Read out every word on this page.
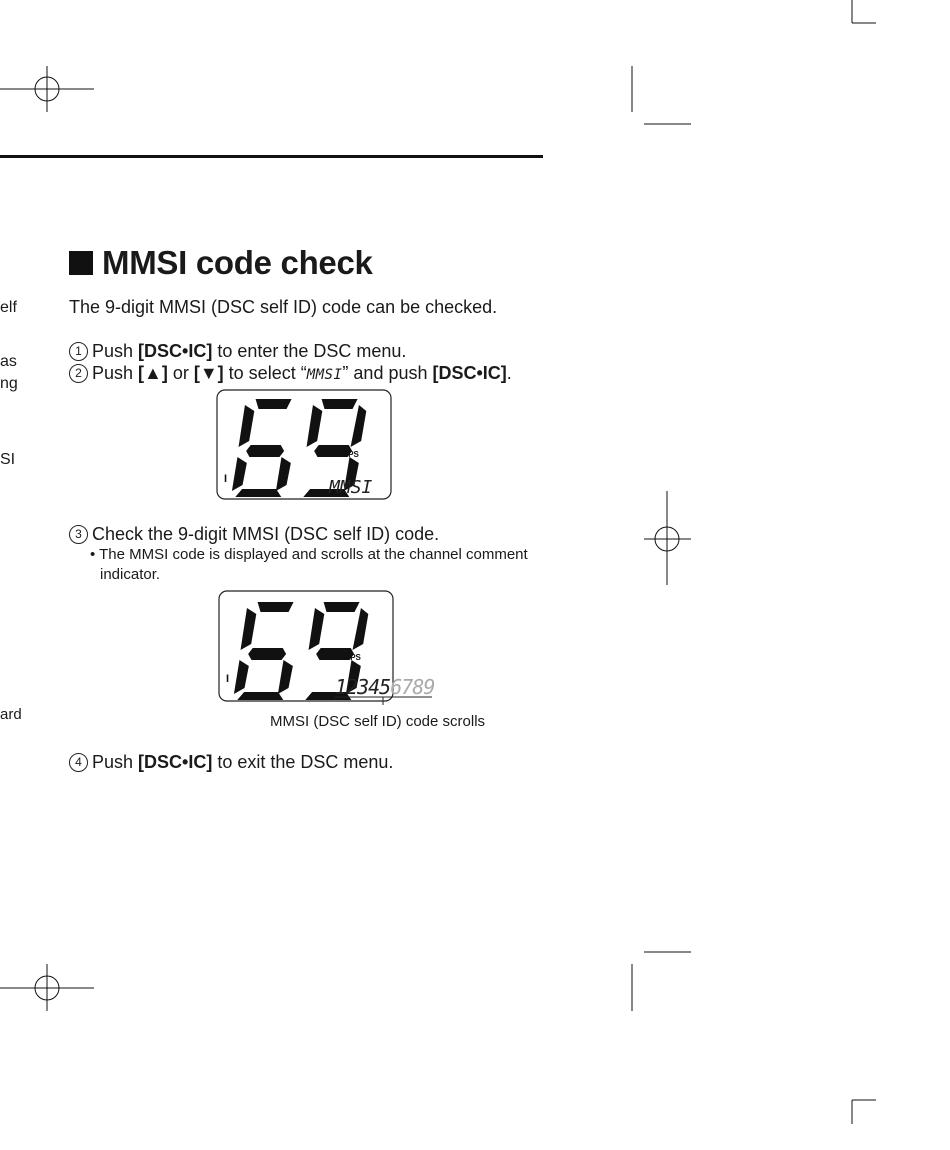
elf
as
ng
SI
ard
MMSI code check
The 9-digit MMSI (DSC self ID) code can be checked.
1 Push [DSC•IC] to enter the DSC menu.
2 Push [▲] or [▼] to select “MMSI” and push [DSC•IC].
GPS
I	MMSI
3 Check the 9-digit MMSI (DSC self ID) code.
• The MMSI code is displayed and scrolls at the channel comment
indicator.
GPS
I	123456789
MMSI (DSC self ID) code scrolls
4 Push [DSC•IC] to exit the DSC menu.
